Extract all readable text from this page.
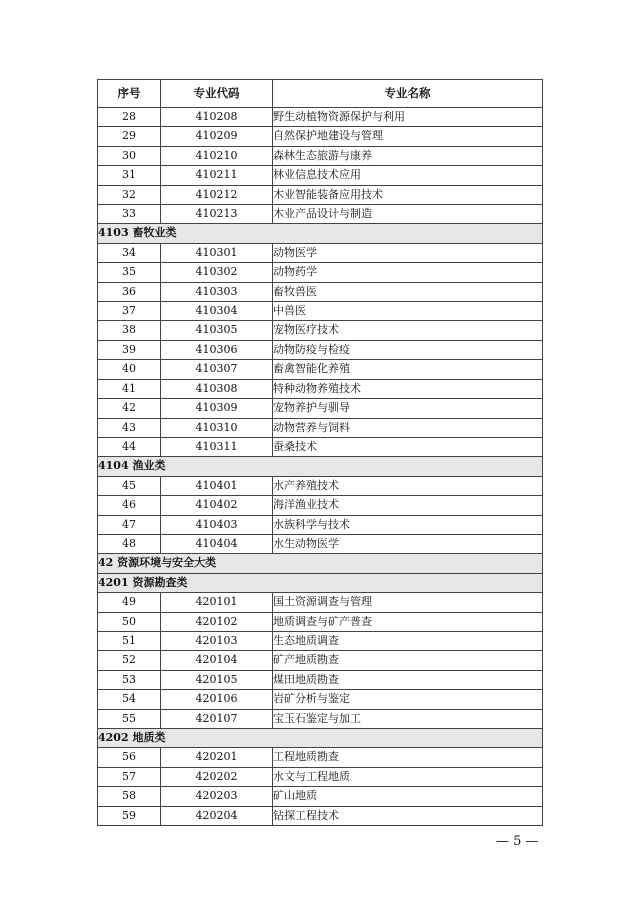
序号	专业代码	专业名称
28	410208	野生动植物资源保护与利用
29	410209	自然保护地建设与管理
30	410210	森林生态旅游与康养
31	410211	林业信息技术应用
32	410212	木业智能装备应用技术
33	410213	木业产品设计与制造
4103 畜牧业类		
34	410301	动物医学
35	410302	动物药学
36	410303	畜牧兽医
37	410304	中兽医
38	410305	宠物医疗技术
39	410306	动物防疫与检疫
40	410307	畜禽智能化养殖
41	410308	特种动物养殖技术
42	410309	宠物养护与驯导
43	410310	动物营养与饲料
44	410311	蚕桑技术
4104 渔业类		
45	410401	水产养殖技术
46	410402	海洋渔业技术
47	410403	水族科学与技术
48	410404	水生动物医学
42 资源环境与安全大类		
4201 资源勘查类		
49	420101	国土资源调查与管理
50	420102	地质调查与矿产普查
51	420103	生态地质调查
52	420104	矿产地质勘查
53	420105	煤田地质勘查
54	420106	岩矿分析与鉴定
55	420107	宝玉石鉴定与加工
4202 地质类		
56	420201	工程地质勘查
57	420202	水文与工程地质
58	420203	矿山地质
59	420204	钻探工程技术
— 5 —
